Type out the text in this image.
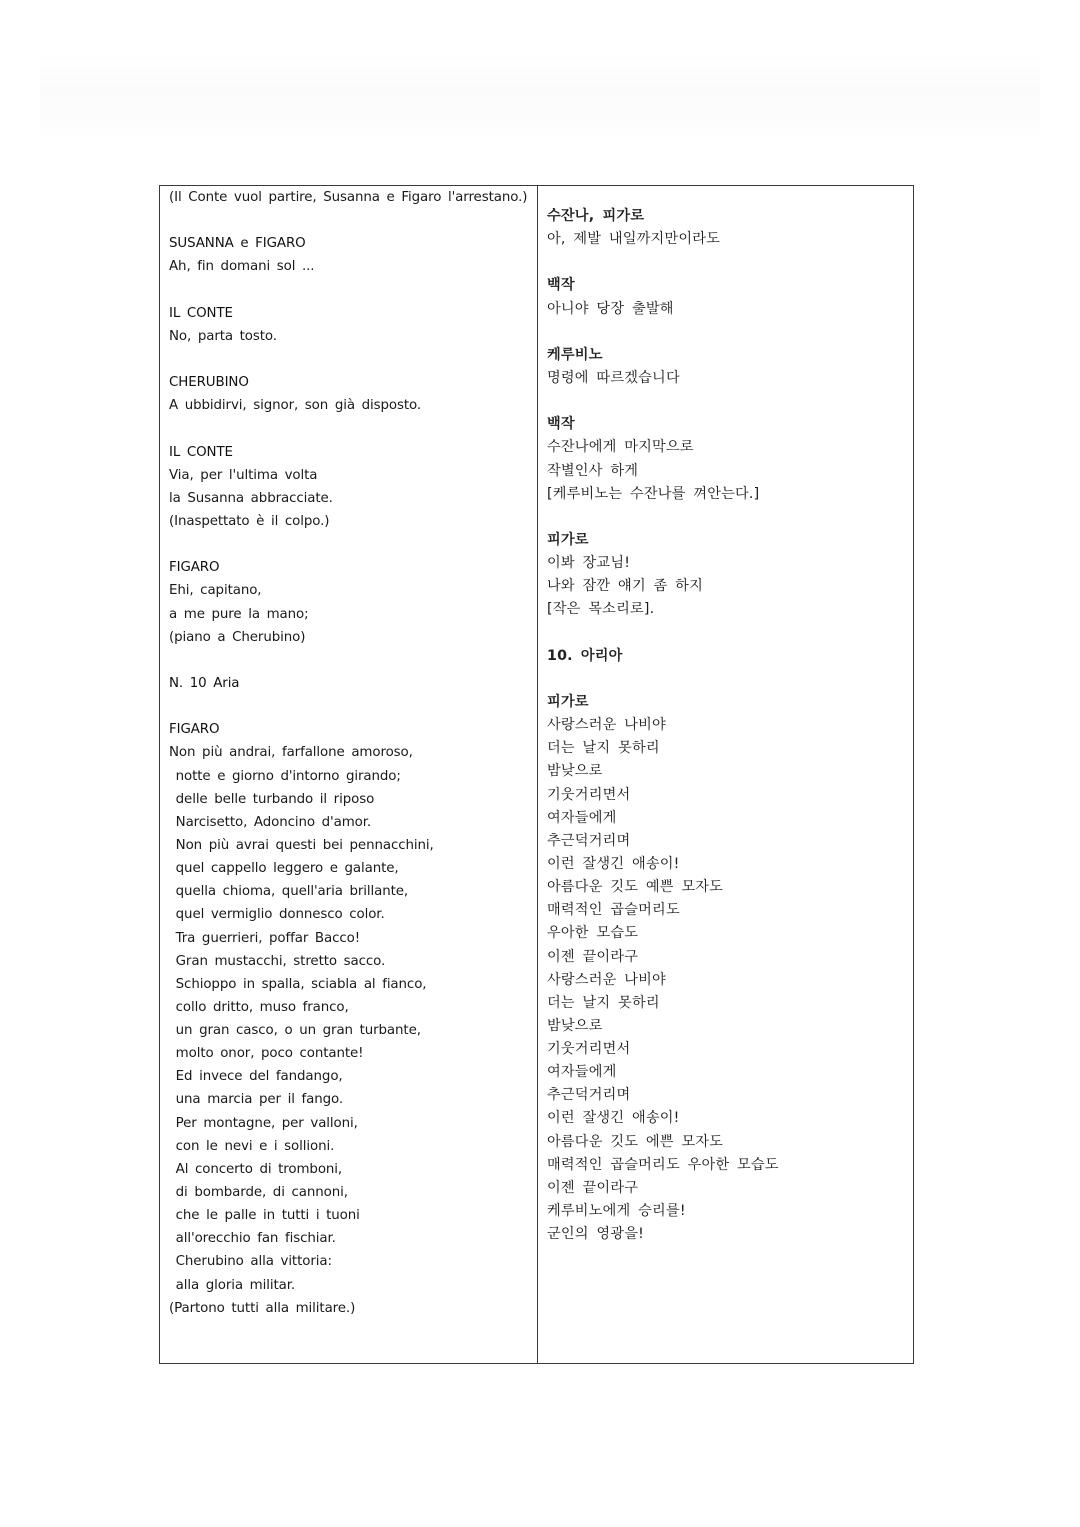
(Il Conte vuol partire, Susanna e Figaro l'arrestano.)
SUSANNA e FIGARO
Ah, fin domani sol ...
IL CONTE
No, parta tosto.
CHERUBINO
A ubbidirvi, signor, son già disposto.
IL CONTE
Via, per l'ultima volta
la Susanna abbracciate.
(Inaspettato è il colpo.)
FIGARO
Ehi, capitano,
a me pure la mano;
(piano a Cherubino)
N. 10 Aria
FIGARO
Non più andrai, farfallone amoroso,
notte e giorno d'intorno girando;
delle belle turbando il riposo
Narcisetto, Adoncino d'amor.
Non più avrai questi bei pennacchini,
quel cappello leggero e galante,
quella chioma, quell'aria brillante,
quel vermiglio donnesco color.
Tra guerrieri, poffar Bacco!
Gran mustacchi, stretto sacco.
Schioppo in spalla, sciabla al fianco,
collo dritto, muso franco,
un gran casco, o un gran turbante,
molto onor, poco contante!
Ed invece del fandango,
una marcia per il fango.
Per montagne, per valloni,
con le nevi e i sollioni.
Al concerto di tromboni,
di bombarde, di cannoni,
che le palle in tutti i tuoni
all'orecchio fan fischiar.
Cherubino alla vittoria:
alla gloria militar.
(Partono tutti alla militare.)
수잔나, 피가로
아, 제발 내일까지만이라도
백작
아니야 당장 출발해
케루비노
명령에 따르겠습니다
백작
수잔나에게 마지막으로
작별인사 하게
[케루비노는 수잔나를 껴안는다.]
피가로
이봐 장교님!
나와 잠깐 얘기 좀 하지
[작은 목소리로].
10. 아리아
피가로
사랑스러운 나비야
더는 날지 못하리
밤낮으로
기웃거리면서
여자들에게
추근덕거리며
이런 잘생긴 애송이!
아름다운 깃도 예쁜 모자도
매력적인 곱슬머리도
우아한 모습도
이젠 끝이라구
사랑스러운 나비야
더는 날지 못하리
밤낮으로
기웃거리면서
여자들에게
추근덕거리며
이런 잘생긴 애송이!
아름다운 깃도 에쁜 모자도
매력적인 곱슬머리도 우아한 모습도
이젠 끝이라구
케루비노에게 승리를!
군인의 영광을!
